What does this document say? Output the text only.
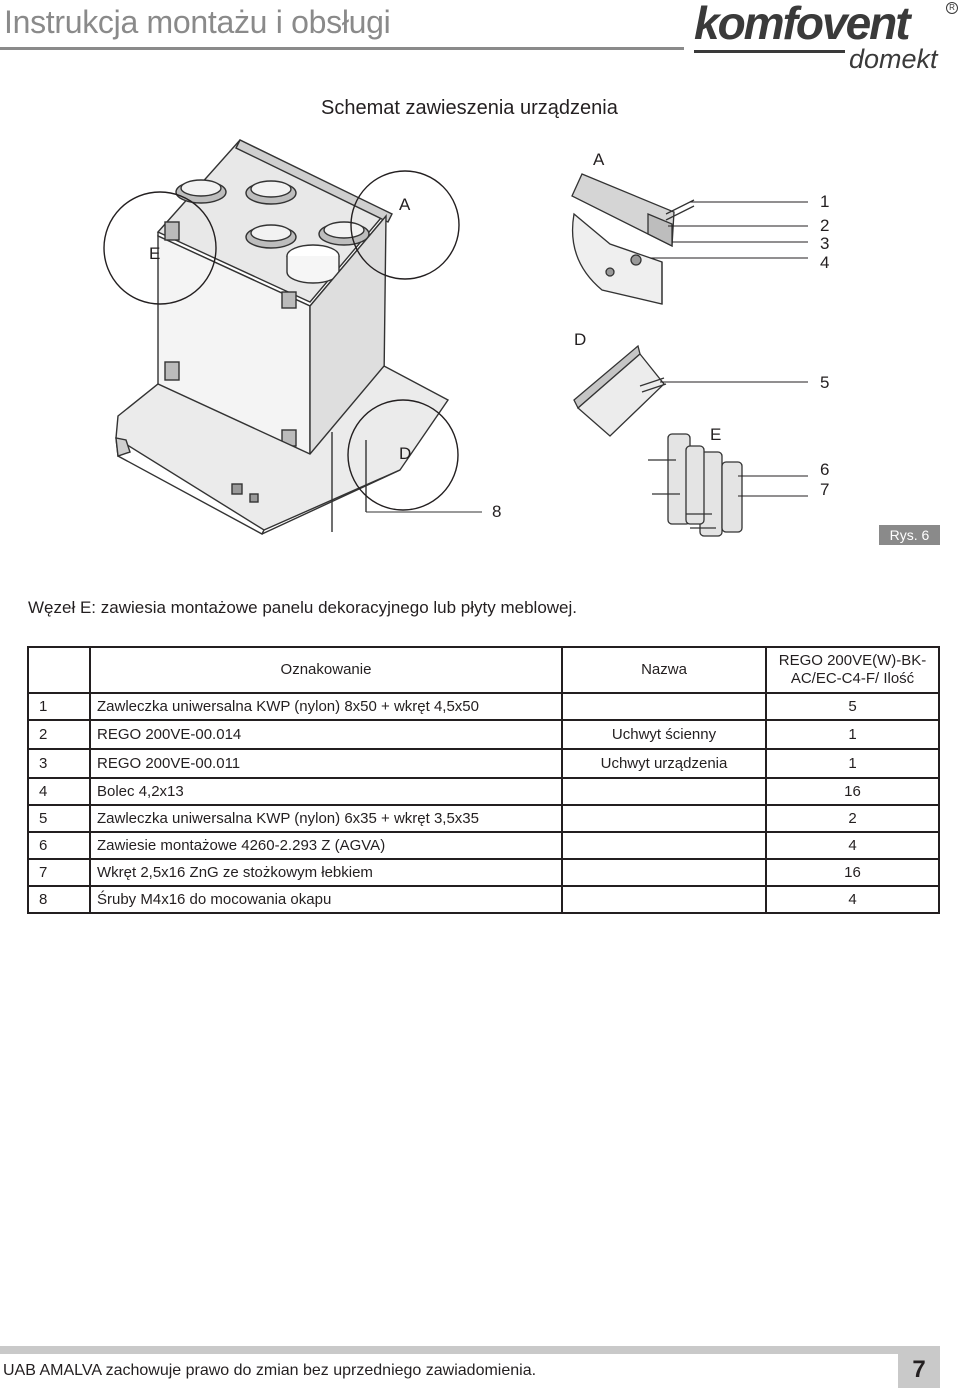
Instrukcja montażu i obsługi	komfovent	R
domekt
Schemat zawieszenia urządzenia
E
A
D
8
A
1
2
3
4
D
5
E
6
7
Rys. 6
Węzeł E: zawiesia montażowe panelu dekoracyjnego lub płyty meblowej.
	Oznakowanie	Nazwa	REGO 200VE(W)-BK-AC/EC-C4-F/ Ilość
1	Zawleczka uniwersalna KWP (nylon) 8x50 + wkręt 4,5x50		5
2	REGO 200VE-00.014	Uchwyt ścienny	1
3	REGO 200VE-00.011	Uchwyt urządzenia	1
4	Bolec 4,2x13		16
5	Zawleczka uniwersalna KWP (nylon) 6x35 + wkręt 3,5x35		2
6	Zawiesie montażowe 4260-2.293 Z (AGVA)		4
7	Wkręt 2,5x16 ZnG ze stożkowym łebkiem		16
8	Śruby M4x16 do mocowania okapu		4
UAB AMALVA zachowuje prawo do zmian bez uprzedniego zawiadomienia.	7
